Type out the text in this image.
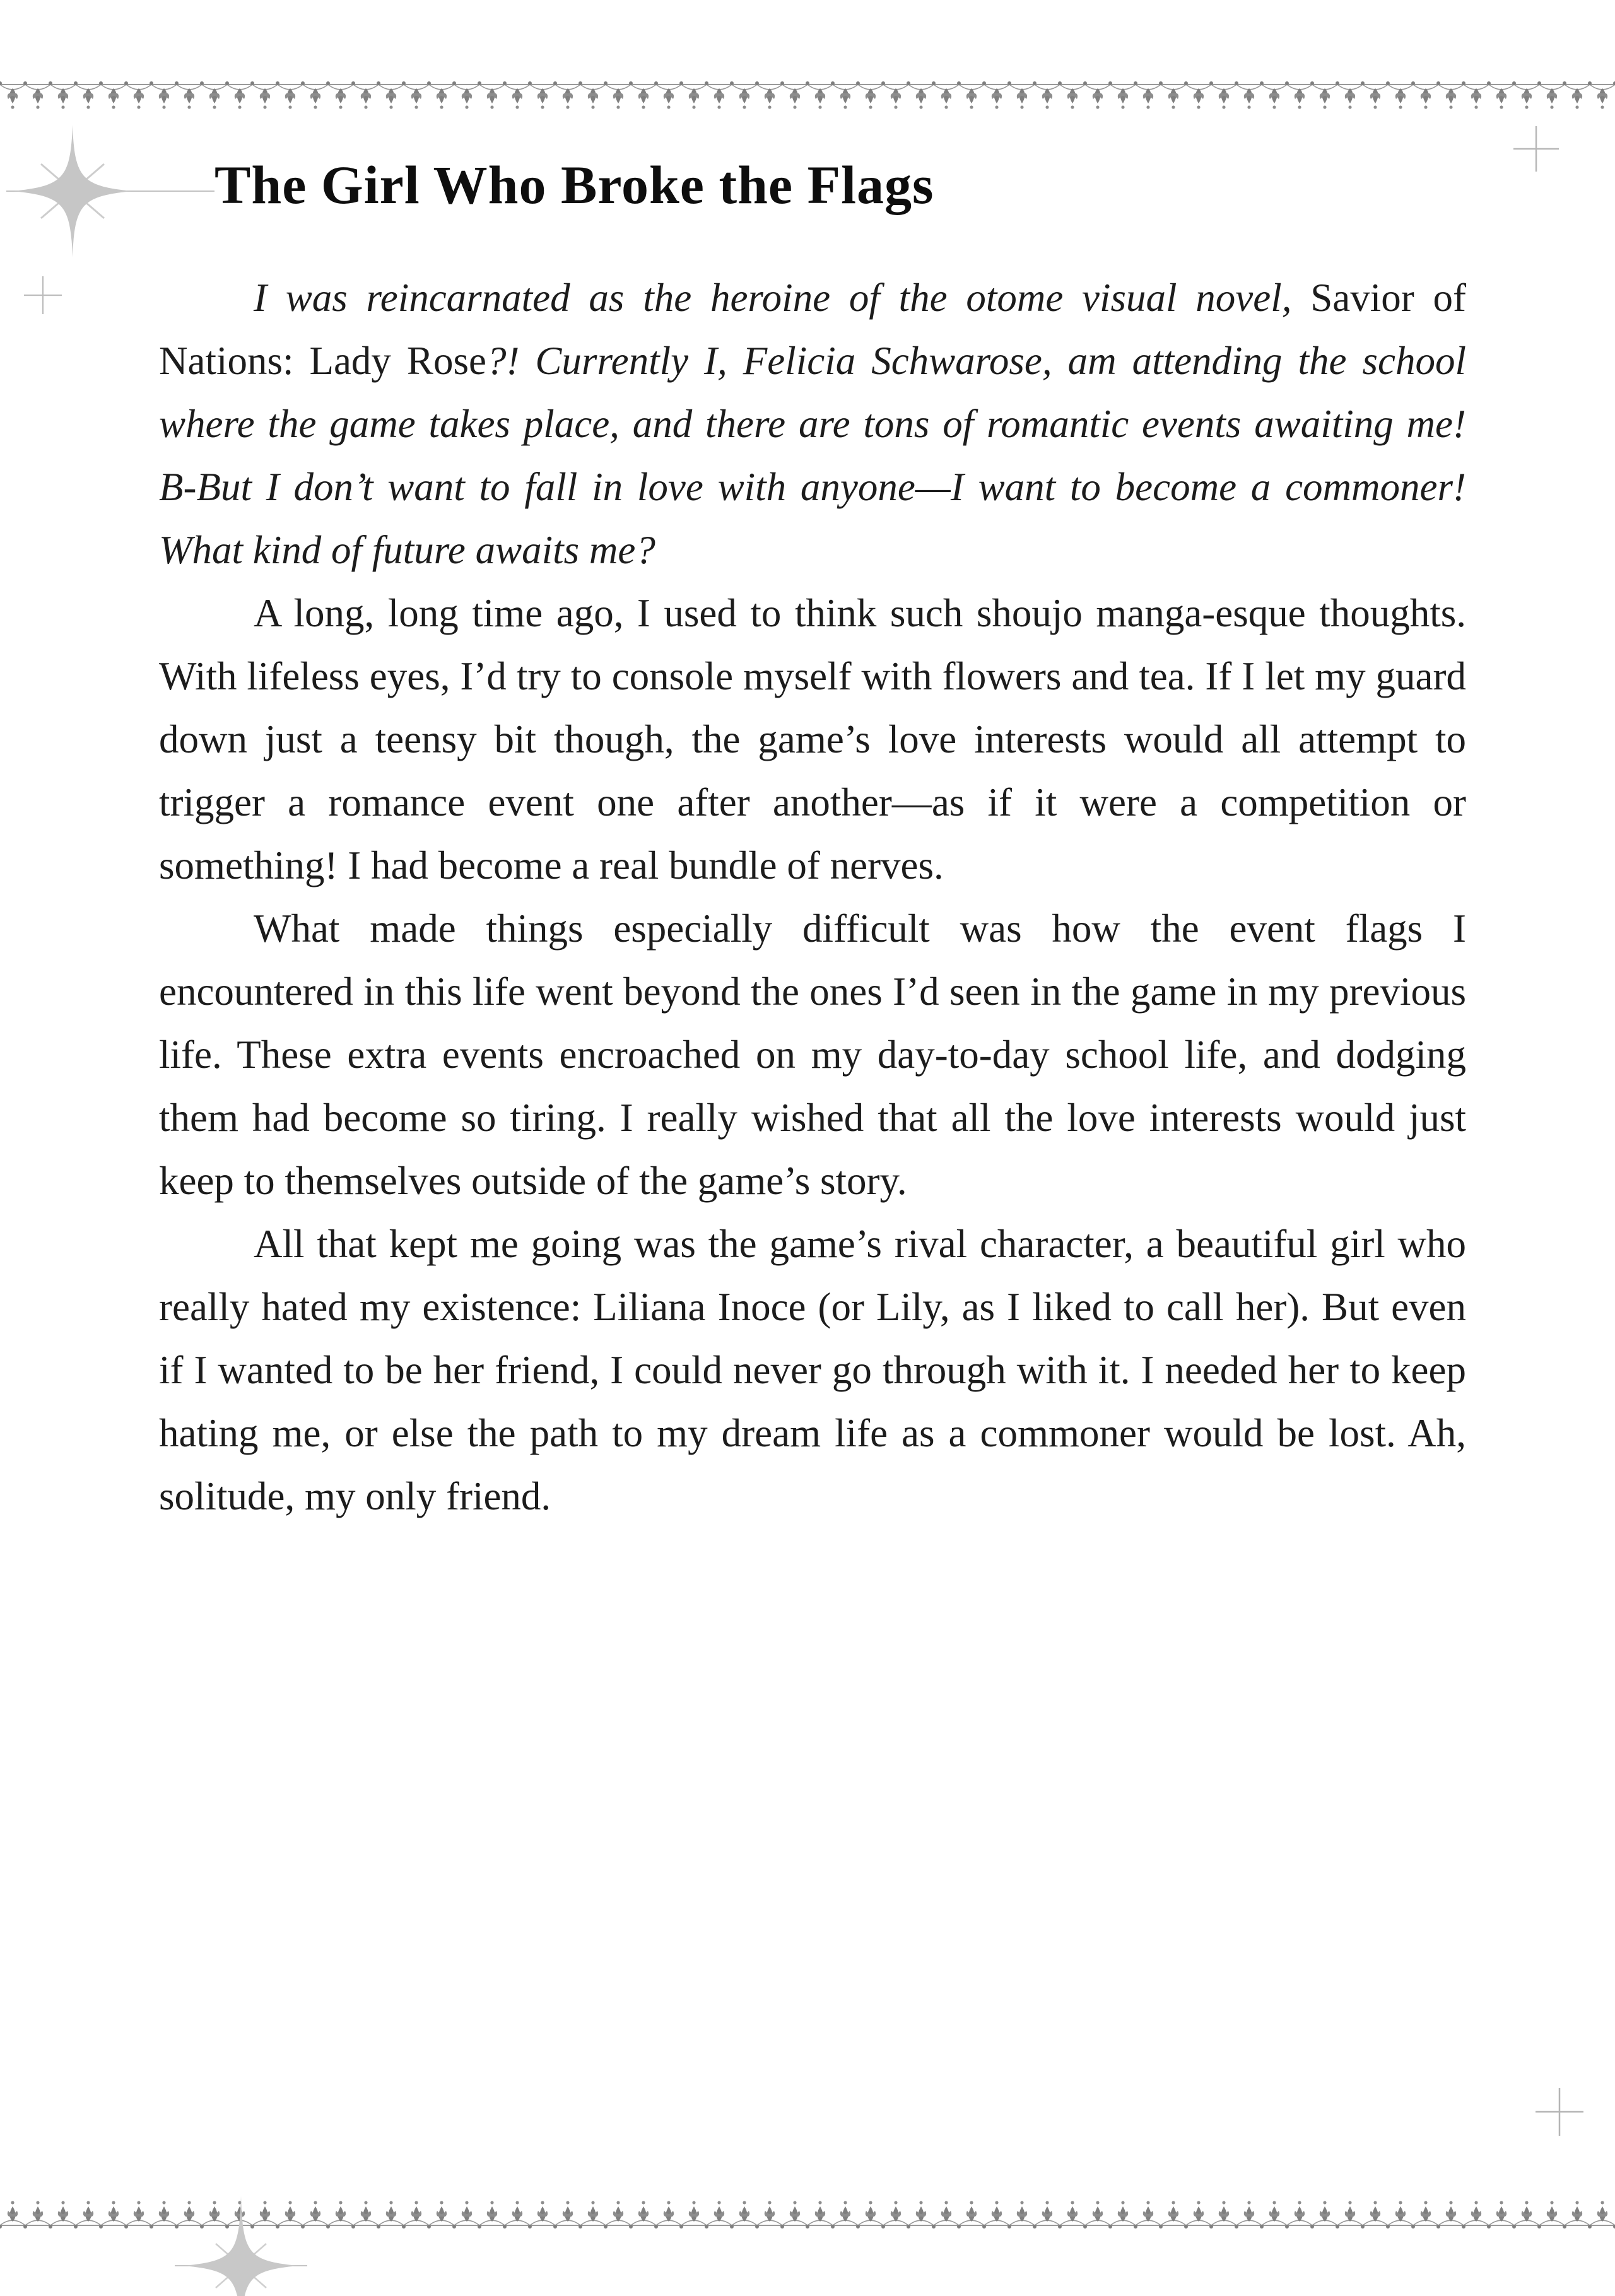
The Girl Who Broke the Flags

I was reincarnated as the heroine of the otome visual novel, Savior of Nations: Lady Rose?! Currently I, Felicia Schwarose, am attending the school where the game takes place, and there are tons of romantic events awaiting me! B-But I don’t want to fall in love with anyone—I want to become a commoner! What kind of future awaits me?

A long, long time ago, I used to think such shoujo manga-esque thoughts. With lifeless eyes, I’d try to console myself with flowers and tea. If I let my guard down just a teensy bit though, the game’s love interests would all attempt to trigger a romance event one after another—as if it were a competition or something! I had become a real bundle of nerves.

What made things especially difficult was how the event flags I encountered in this life went beyond the ones I’d seen in the game in my previous life. These extra events encroached on my day-to-day school life, and dodging them had become so tiring. I really wished that all the love interests would just keep to themselves outside of the game’s story.

All that kept me going was the game’s rival character, a beautiful girl who really hated my existence: Liliana Inoce (or Lily, as I liked to call her). But even if I wanted to be her friend, I could never go through with it. I needed her to keep hating me, or else the path to my dream life as a commoner would be lost. Ah, solitude, my only friend.
